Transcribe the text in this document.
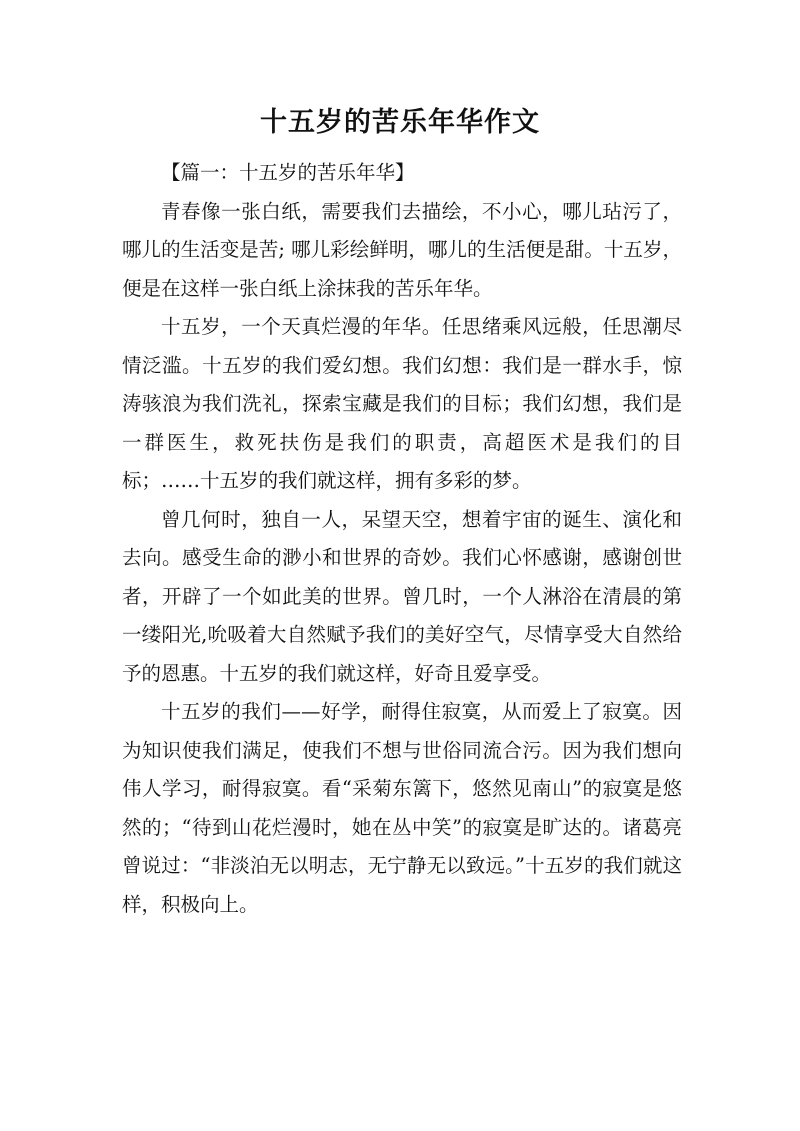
十五岁的苦乐年华作文

【篇一：十五岁的苦乐年华】

青春像一张白纸，需要我们去描绘，不小心，哪儿玷污了，哪儿的生活变是苦; 哪儿彩绘鲜明，哪儿的生活便是甜。十五岁，便是在这样一张白纸上涂抹我的苦乐年华。

十五岁，一个天真烂漫的年华。任思绪乘风远般，任思潮尽情泛滥。十五岁的我们爱幻想。我们幻想：我们是一群水手，惊涛骇浪为我们洗礼，探索宝藏是我们的目标；我们幻想，我们是一群医生，救死扶伤是我们的职责，高超医术是我们的目标；……十五岁的我们就这样，拥有多彩的梦。

曾几何时，独自一人，呆望天空，想着宇宙的诞生、演化和去向。感受生命的渺小和世界的奇妙。我们心怀感谢，感谢创世者，开辟了一个如此美的世界。曾几时，一个人淋浴在清晨的第一缕阳光,吮吸着大自然赋予我们的美好空气，尽情享受大自然给予的恩惠。十五岁的我们就这样，好奇且爱享受。

十五岁的我们——好学，耐得住寂寞，从而爱上了寂寞。因为知识使我们满足，使我们不想与世俗同流合污。因为我们想向伟人学习，耐得寂寞。看“采菊东篱下，悠然见南山”的寂寞是悠然的；“待到山花烂漫时，她在丛中笑”的寂寞是旷达的。诸葛亮曾说过：“非淡泊无以明志，无宁静无以致远。”十五岁的我们就这样，积极向上。
